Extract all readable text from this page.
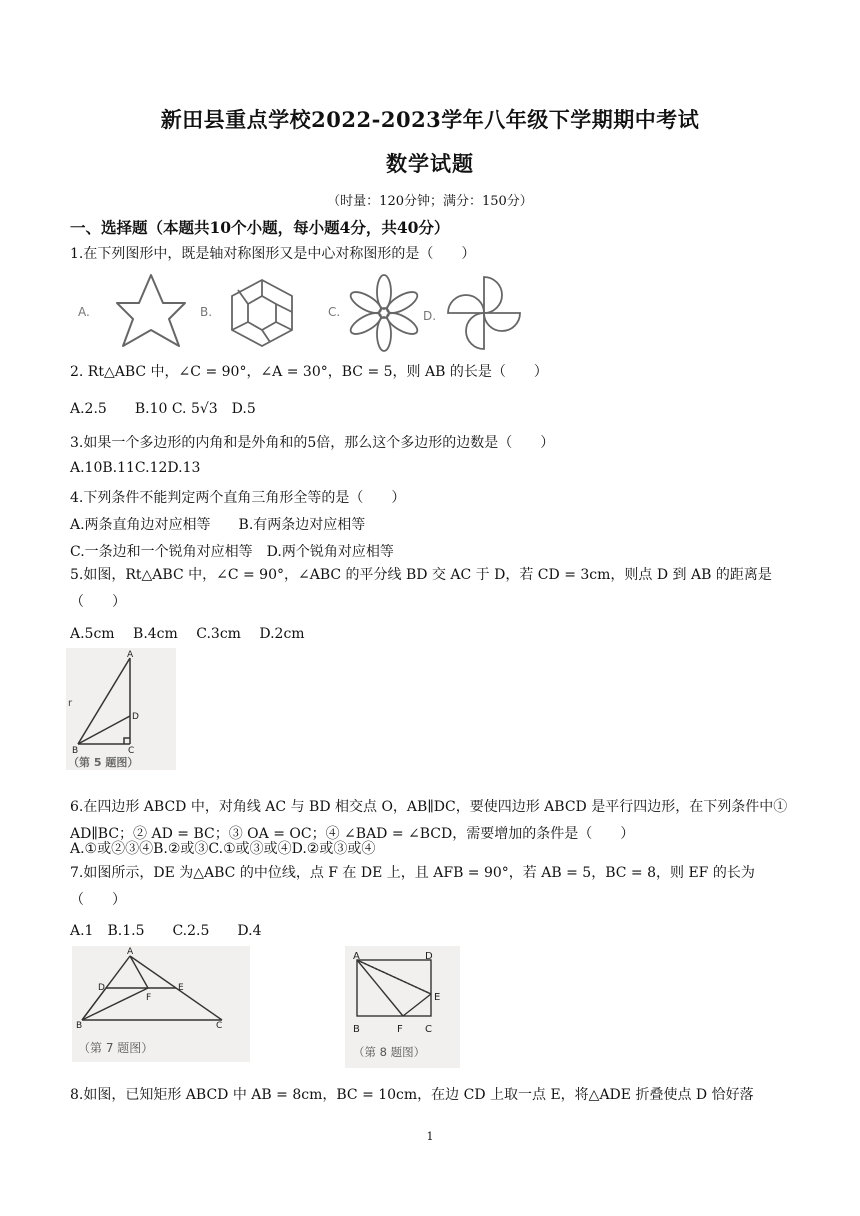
新田县重点学校2022-2023学年八年级下学期期中考试
数学试题
（时量：120分钟；满分：150分）
一、选择题（本题共10个小题，每小题4分，共40分）
1.在下列图形中，既是轴对称图形又是中心对称图形的是（　　）
A.	B.	C.	D.
2. Rt△ABC 中，∠C = 90°，∠A = 30°，BC = 5，则 AB 的长是（　　）
A.2.5　　B.10 C. 5√3　D.5
3.如果一个多边形的内角和是外角和的5倍，那么这个多边形的边数是（　　）
A.10B.11C.12D.13
4.下列条件不能判定两个直角三角形全等的是（　　）
A.两条直角边对应相等　　B.有两条边对应相等
C.一条边和一个锐角对应相等　D.两个锐角对应相等
5.如图，Rt△ABC 中，∠C = 90°，∠ABC 的平分线 BD 交 AC 于 D，若 CD = 3cm，则点 D 到 AB 的距离是（　　）
A.5cm　 B.4cm　 C.3cm　 D.2cm
A
D
B	C
r
（第 5 题图）
6.在四边形 ABCD 中，对角线 AC 与 BD 相交点 O，AB∥DC，要使四边形 ABCD 是平行四边形，在下列条件中① AD∥BC；② AD = BC；③ OA = OC；④ ∠BAD = ∠BCD，需要增加的条件是（　　）
A.①或②③④B.②或③C.①或③或④D.②或③或④
7.如图所示，DE 为△ABC 的中位线，点 F 在 DE 上，且 AFB = 90°，若 AB = 5，BC = 8，则 EF 的长为（　　）
A.1　B.1.5　　C.2.5　　D.4
A
D
F
E
B	C
（第 7 题图）
A	D
E
B	F C
（第 8 题图）
8.如图，已知矩形 ABCD 中 AB = 8cm，BC = 10cm，在边 CD 上取一点 E，将△ADE 折叠使点 D 恰好落
1
